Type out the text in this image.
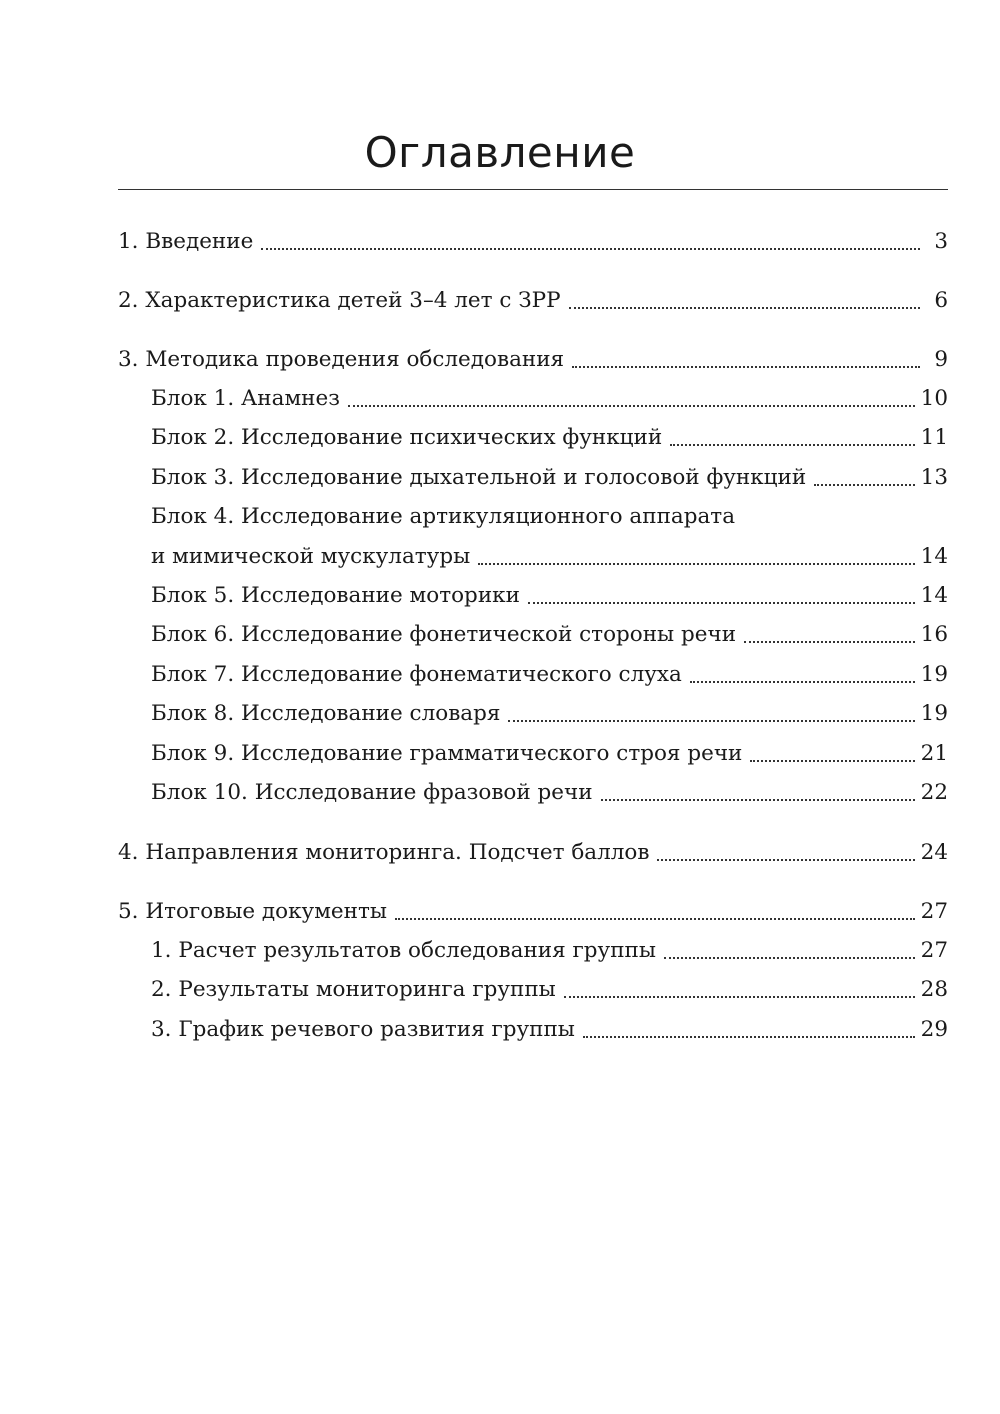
Оглавление
1. Введение	3
2. Характеристика детей 3–4 лет с ЗРР	6
3. Методика проведения обследования	9
Блок 1. Анамнез	10
Блок 2. Исследование психических функций	11
Блок 3. Исследование дыхательной и голосовой функций	13
Блок 4. Исследование артикуляционного аппарата
и мимической мускулатуры	14
Блок 5. Исследование моторики	14
Блок 6. Исследование фонетической стороны речи	16
Блок 7. Исследование фонематического слуха	19
Блок 8. Исследование словаря	19
Блок 9. Исследование грамматического строя речи	21
Блок 10. Исследование фразовой речи	22
4. Направления мониторинга. Подсчет баллов	24
5. Итоговые документы	27
1. Расчет результатов обследования группы	27
2. Результаты мониторинга группы	28
3. График речевого развития группы	29
